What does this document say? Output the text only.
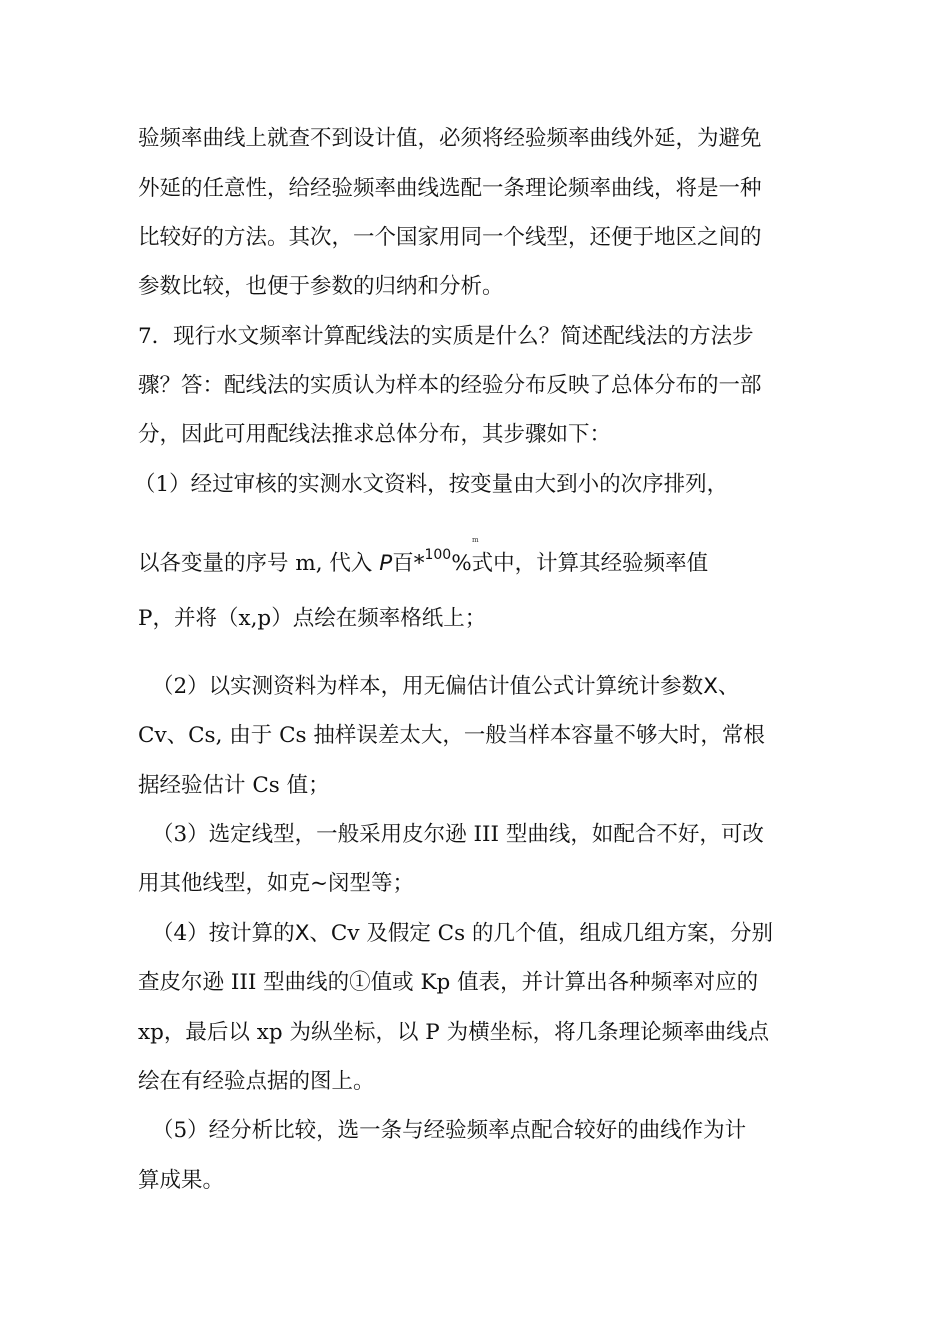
验频率曲线上就查不到设计值，必须将经验频率曲线外延，为避免
外延的任意性，给经验频率曲线选配一条理论频率曲线，将是一种
比较好的方法。其次，一个国家用同一个线型，还便于地区之间的
参数比较，也便于参数的归纳和分析。
7．现行水文频率计算配线法的实质是什么？简述配线法的方法步
骤？答：配线法的实质认为样本的经验分布反映了总体分布的一部
分，因此可用配线法推求总体分布，其步骤如下：
（1）经过审核的实测水文资料，按变量由大到小的次序排列，
m
以各变量的序号 m, 代入 P百*$^{100}$%式中，计算其经验频率值
P，并将（x,p）点绘在频率格纸上；
（2）以实测资料为样本，用无偏估计值公式计算统计参数X、
Cv、Cs, 由于 Cs 抽样误差太大，一般当样本容量不够大时，常根
据经验估计 Cs 值；
（3）选定线型，一般采用皮尔逊 III 型曲线，如配合不好，可改
用其他线型，如克~闵型等；
（4）按计算的X、Cv 及假定 Cs 的几个值，组成几组方案，分别
查皮尔逊 III 型曲线的①值或 Kp 值表，并计算出各种频率对应的
xp，最后以 xp 为纵坐标，以 P 为横坐标，将几条理论频率曲线点
绘在有经验点据的图上。
（5）经分析比较，选一条与经验频率点配合较好的曲线作为计
算成果。
